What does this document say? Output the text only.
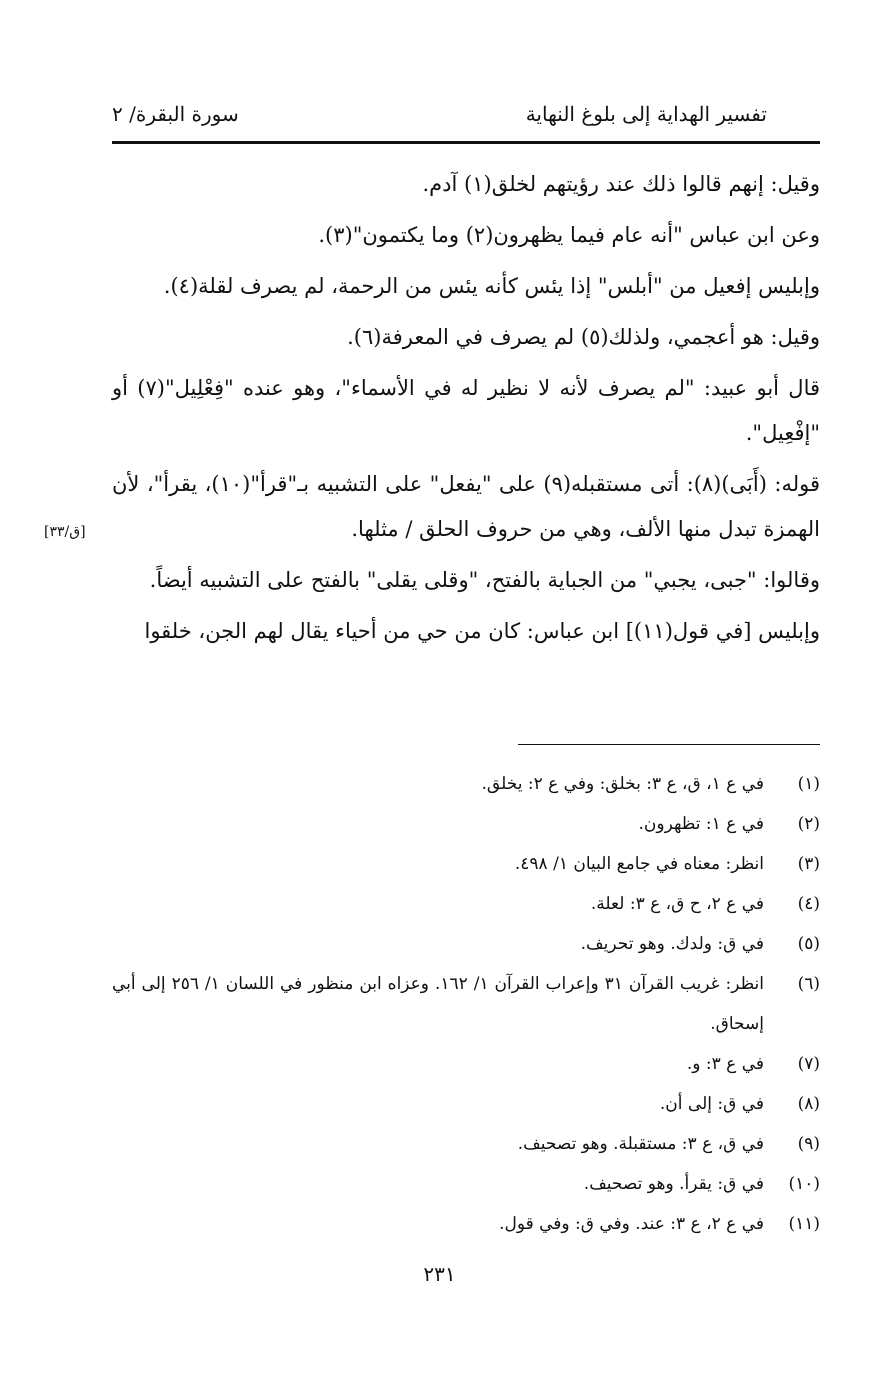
تفسير الهداية إلى بلوغ النهاية
سورة البقرة/ ٢

وقيل: إنهم قالوا ذلك عند رؤيتهم لخلق(١) آدم.

وعن ابن عباس "أنه عام فيما يظهرون(٢) وما يكتمون"(٣).

وإبليس إفعيل من "أبلس" إذا يئس كأنه يئس من الرحمة، لم يصرف لقلة(٤).

وقيل: هو أعجمي، ولذلك(٥) لم يصرف في المعرفة(٦).

قال أبو عبيد: "لم يصرف لأنه لا نظير له في الأسماء"، وهو عنده "فِعْلِيل"(٧) أو "إفْعِيل".

قوله: (أَبَى)(٨): أتى مستقبله(٩) على "يفعل" على التشبيه بـ"قرأ"(١٠)، يقرأ"، لأن الهمزة تبدل منها الألف، وهي من حروف الحلق / مثلها.

وقالوا: "جبى، يجبي" من الجباية بالفتح، "وقلى يقلى" بالفتح على التشبيه أيضاً.

وإبليس [في قول(١١)] ابن عباس: كان من حي من أحياء يقال لهم الجن، خلقوا

[ق/٣٣]
(١)
في ع ١، ق، ع ٣: بخلق: وفي ع ٢: يخلق.
(٢)
في ع ١: تظهرون.
(٣)
انظر: معناه في جامع البيان ١/ ٤٩٨.
(٤)
في ع ٢، ح ق، ع ٣: لعلة.
(٥)
في ق: ولدك. وهو تحريف.
(٦)
انظر: غريب القرآن ٣١ وإعراب القرآن ١/ ١٦٢. وعزاه ابن منظور في اللسان ١/ ٢٥٦ إلى أبي إسحاق.
(٧)
في ع ٣: و.
(٨)
في ق: إلى أن.
(٩)
في ق، ع ٣: مستقبلة. وهو تصحيف.
(١٠)
في ق: يقرأ. وهو تصحيف.
(١١)
في ع ٢، ع ٣: عند. وفي ق: وفي قول.
٢٣١
